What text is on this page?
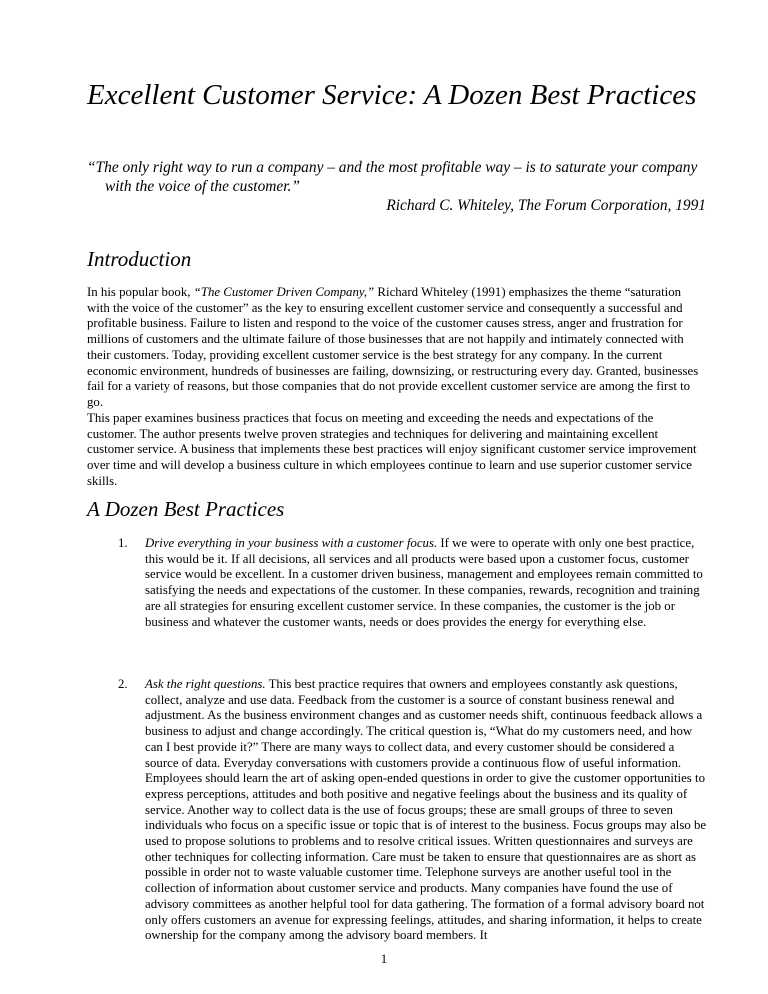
Excellent Customer Service: A Dozen Best Practices
“The only right way to run a company – and the most profitable way – is to saturate your company with the voice of the customer.”
Richard C. Whiteley, The Forum Corporation, 1991
Introduction
In his popular book, “The Customer Driven Company,” Richard Whiteley (1991) emphasizes the theme “saturation with the voice of the customer” as the key to ensuring excellent customer service and consequently a successful and profitable business. Failure to listen and respond to the voice of the customer causes stress, anger and frustration for millions of customers and the ultimate failure of those businesses that are not happily and intimately connected with their customers. Today, providing excellent customer service is the best strategy for any company. In the current economic environment, hundreds of businesses are failing, downsizing, or restructuring every day. Granted, businesses fail for a variety of reasons, but those companies that do not provide excellent customer service are among the first to go.
This paper examines business practices that focus on meeting and exceeding the needs and expectations of the customer. The author presents twelve proven strategies and techniques for delivering and maintaining excellent customer service. A business that implements these best practices will enjoy significant customer service improvement over time and will develop a business culture in which employees continue to learn and use superior customer service skills.
A Dozen Best Practices
1. Drive everything in your business with a customer focus. If we were to operate with only one best practice, this would be it. If all decisions, all services and all products were based upon a customer focus, customer service would be excellent. In a customer driven business, management and employees remain committed to satisfying the needs and expectations of the customer. In these companies, rewards, recognition and training are all strategies for ensuring excellent customer service. In these companies, the customer is the job or business and whatever the customer wants, needs or does provides the energy for everything else.
2. Ask the right questions. This best practice requires that owners and employees constantly ask questions, collect, analyze and use data. Feedback from the customer is a source of constant business renewal and adjustment. As the business environment changes and as customer needs shift, continuous feedback allows a business to adjust and change accordingly. The critical question is, “What do my customers need, and how can I best provide it?” There are many ways to collect data, and every customer should be considered a source of data. Everyday conversations with customers provide a continuous flow of useful information. Employees should learn the art of asking open-ended questions in order to give the customer opportunities to express perceptions, attitudes and both positive and negative feelings about the business and its quality of service. Another way to collect data is the use of focus groups; these are small groups of three to seven individuals who focus on a specific issue or topic that is of interest to the business. Focus groups may also be used to propose solutions to problems and to resolve critical issues. Written questionnaires and surveys are other techniques for collecting information. Care must be taken to ensure that questionnaires are as short as possible in order not to waste valuable customer time. Telephone surveys are another useful tool in the collection of information about customer service and products. Many companies have found the use of advisory committees as another helpful tool for data gathering. The formation of a formal advisory board not only offers customers an avenue for expressing feelings, attitudes, and sharing information, it helps to create ownership for the company among the advisory board members. It
1
